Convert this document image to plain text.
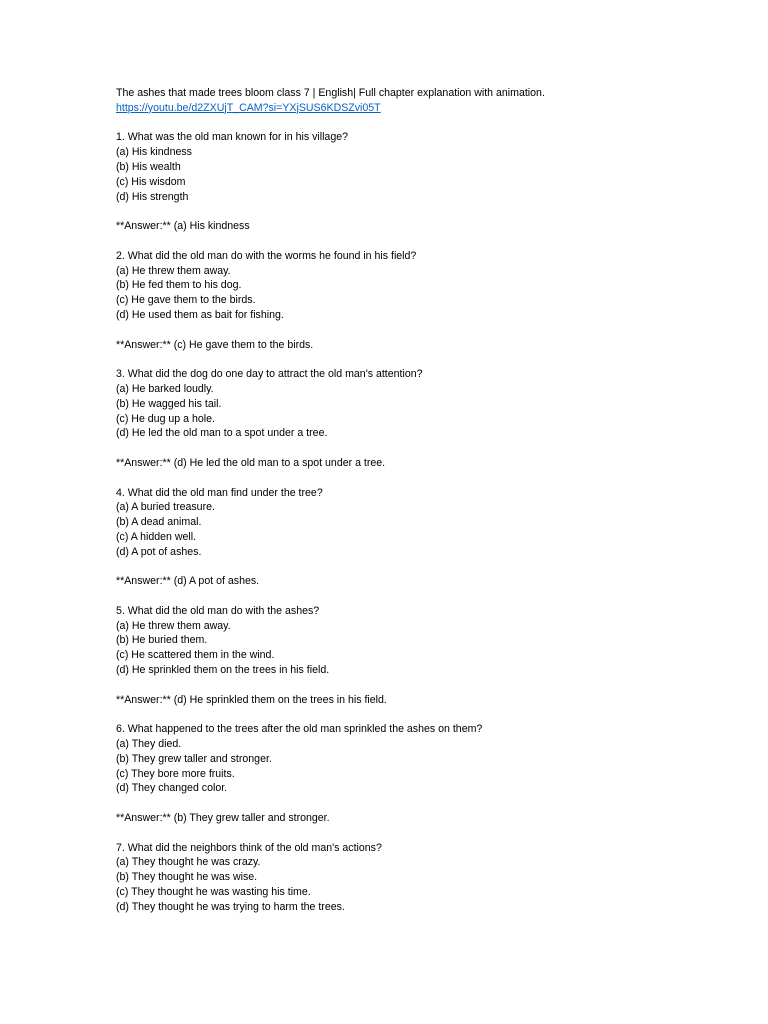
The ashes that made trees bloom class 7 | English| Full chapter explanation with animation.
https://youtu.be/d2ZXUjT_CAM?si=YXjSUS6KDSZvi05T
1. What was the old man known for in his village?
(a) His kindness
(b) His wealth
(c) His wisdom
(d) His strength
**Answer:** (a) His kindness
2. What did the old man do with the worms he found in his field?
(a) He threw them away.
(b) He fed them to his dog.
(c) He gave them to the birds.
(d) He used them as bait for fishing.
**Answer:** (c) He gave them to the birds.
3. What did the dog do one day to attract the old man's attention?
(a) He barked loudly.
(b) He wagged his tail.
(c) He dug up a hole.
(d) He led the old man to a spot under a tree.
**Answer:** (d) He led the old man to a spot under a tree.
4. What did the old man find under the tree?
(a) A buried treasure.
(b) A dead animal.
(c) A hidden well.
(d) A pot of ashes.
**Answer:** (d) A pot of ashes.
5. What did the old man do with the ashes?
(a) He threw them away.
(b) He buried them.
(c) He scattered them in the wind.
(d) He sprinkled them on the trees in his field.
**Answer:** (d) He sprinkled them on the trees in his field.
6. What happened to the trees after the old man sprinkled the ashes on them?
(a) They died.
(b) They grew taller and stronger.
(c) They bore more fruits.
(d) They changed color.
**Answer:** (b) They grew taller and stronger.
7. What did the neighbors think of the old man's actions?
(a) They thought he was crazy.
(b) They thought he was wise.
(c) They thought he was wasting his time.
(d) They thought he was trying to harm the trees.
